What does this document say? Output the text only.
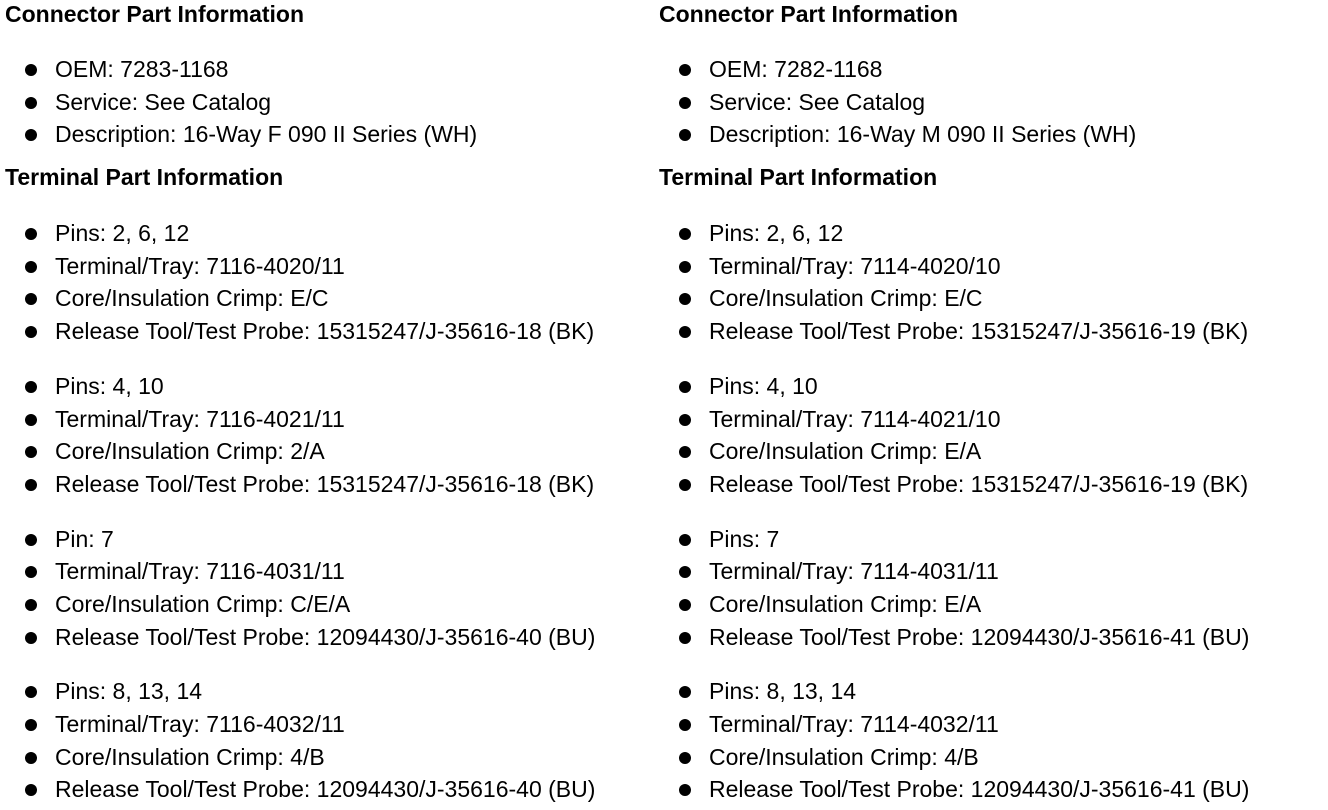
Connector Part Information
OEM: 7283-1168
Service: See Catalog
Description: 16-Way F 090 II Series (WH)
Terminal Part Information
Pins: 2, 6, 12
Terminal/Tray: 7116-4020/11
Core/Insulation Crimp: E/C
Release Tool/Test Probe: 15315247/J-35616-18 (BK)
Pins: 4, 10
Terminal/Tray: 7116-4021/11
Core/Insulation Crimp: 2/A
Release Tool/Test Probe: 15315247/J-35616-18 (BK)
Pin: 7
Terminal/Tray: 7116-4031/11
Core/Insulation Crimp: C/E/A
Release Tool/Test Probe: 12094430/J-35616-40 (BU)
Pins: 8, 13, 14
Terminal/Tray: 7116-4032/11
Core/Insulation Crimp: 4/B
Release Tool/Test Probe: 12094430/J-35616-40 (BU)
Connector Part Information
OEM: 7282-1168
Service: See Catalog
Description: 16-Way M 090 II Series (WH)
Terminal Part Information
Pins: 2, 6, 12
Terminal/Tray: 7114-4020/10
Core/Insulation Crimp: E/C
Release Tool/Test Probe: 15315247/J-35616-19 (BK)
Pins: 4, 10
Terminal/Tray: 7114-4021/10
Core/Insulation Crimp: E/A
Release Tool/Test Probe: 15315247/J-35616-19 (BK)
Pins: 7
Terminal/Tray: 7114-4031/11
Core/Insulation Crimp: E/A
Release Tool/Test Probe: 12094430/J-35616-41 (BU)
Pins: 8, 13, 14
Terminal/Tray: 7114-4032/11
Core/Insulation Crimp: 4/B
Release Tool/Test Probe: 12094430/J-35616-41 (BU)
